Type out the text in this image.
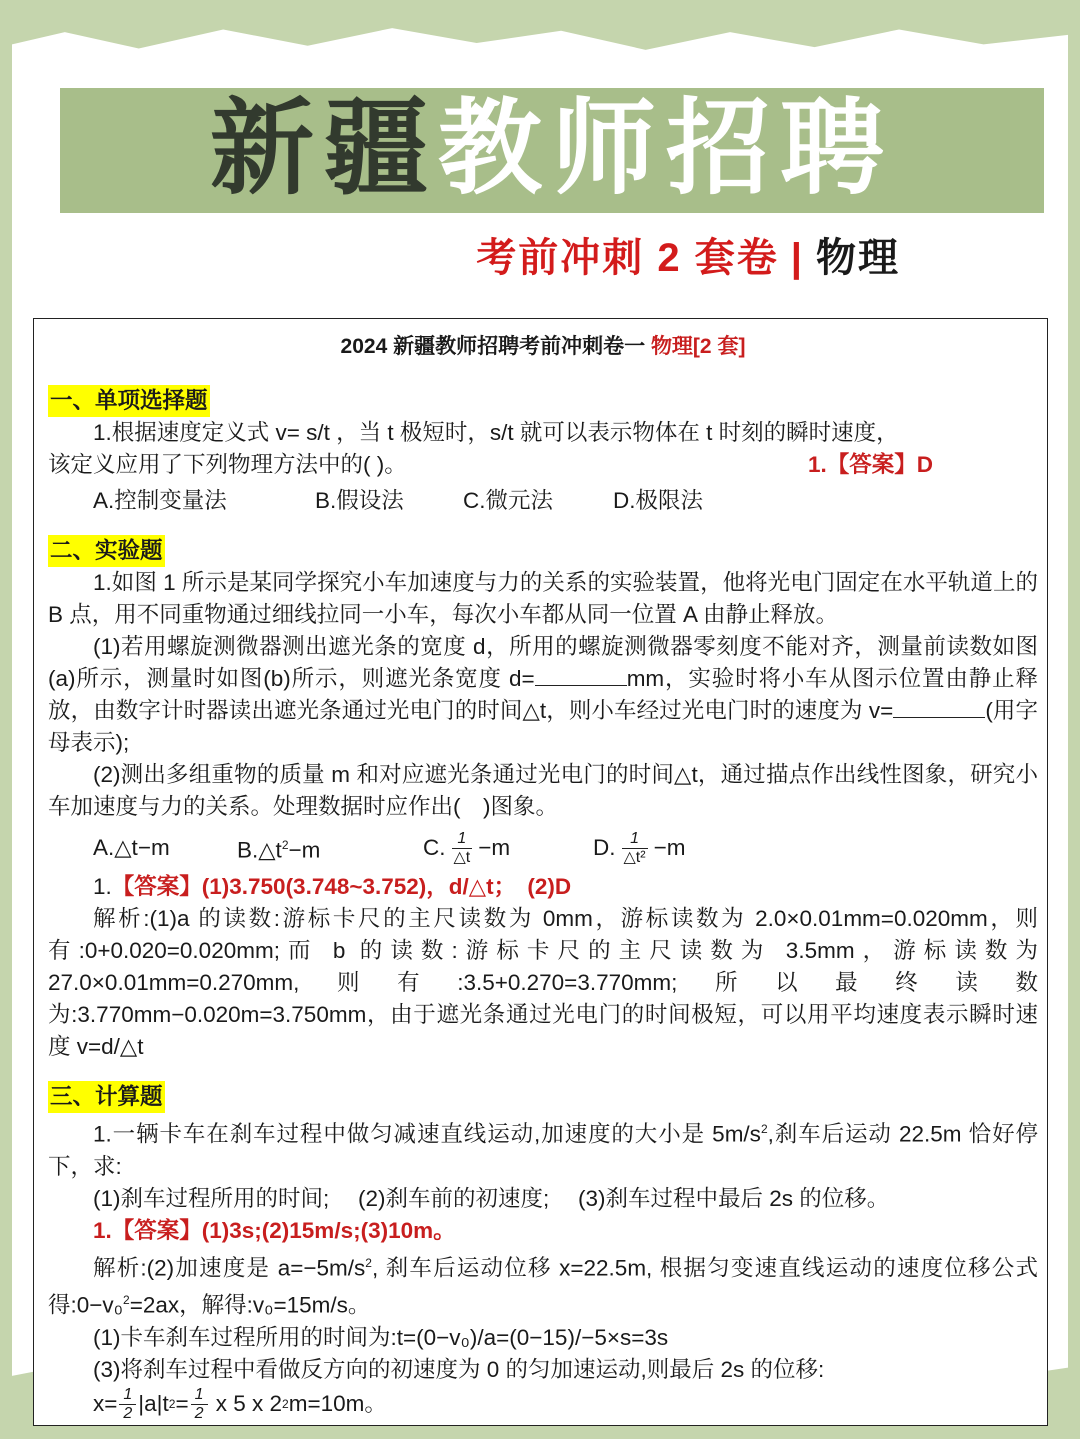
新疆教师招聘
考前冲刺 2 套卷 | 物理
2024 新疆教师招聘考前冲刺卷一 物理[2 套]
一、单项选择题

1.根据速度定义式 v= s/t ，当 t 极短时，s/t 就可以表示物体在 t 时刻的瞬时速度，

该定义应用了下列物理方法中的( )。	1.【答案】D
A.控制变量法	B.假设法	C.微元法	D.极限法
二、实验题

1.如图 1 所示是某同学探究小车加速度与力的关系的实验装置，他将光电门固定在水平轨道上的 B 点，用不同重物通过细线拉同一小车，每次小车都从同一位置 A 由静止释放。

(1)若用螺旋测微器测出遮光条的宽度 d，所用的螺旋测微器零刻度不能对齐，测量前读数如图(a)所示，测量时如图(b)所示，则遮光条宽度 d=	mm，实验时将小车从图示位置由静止释放，由数字计时器读出遮光条通过光电门的时间△t，则小车经过光电门时的速度为 v=	(用字母表示);

(2)测出多组重物的质量 m 和对应遮光条通过光电门的时间△t，通过描点作出线性图象，研究小车加速度与力的关系。处理数据时应作出(　)图象。

A.△t−m	$B.\triangle t^2-m$	C. $\frac{1}{\triangle t} -m$	D. $\frac{1}{\text{△t²}} -m$

1.【答案】(1)3.750(3.748~3.752)，d/△t；　(2)D

解析:(1)a 的读数:游标卡尺的主尺读数为 0mm，游标读数为 2.0×0.01mm=0.020mm，则有:0+0.020=0.020mm;而 b 的读数:游标卡尺的主尺读数为 3.5mm，游标读数为 27.0×0.01mm=0.270mm,则有:3.5+0.270=3.770mm;所以最终读数为:3.770mm−0.020m=3.750mm，由于遮光条通过光电门的时间极短，可以用平均速度表示瞬时速度 v=d/△t

三、计算题

1.一辆卡车在刹车过程中做匀减速直线运动,加速度的大小是 $5m/s^2$,刹车后运动 22.5m 恰好停下，求:

(1)刹车过程所用的时间;　 (2)刹车前的初速度;　 (3)刹车过程中最后 2s 的位移。

1.【答案】(1)3s;(2)15m/s;(3)10m。

解析:(2)加速度是 $a=-5m/s^2$, 刹车后运动位移 x=22.5m, 根据匀变速直线运动的速度位移公式得:0−v₀$^2$=2ax，解得:v₀=15m/s。

(1)卡车刹车过程所用的时间为:t=(0−v₀)/a=(0−15)/−5×s=3s

(3)将刹车过程中看做反方向的初速度为 0 的匀加速运动,则最后 2s 的位移:

$x= \frac{1}{2} |a|t$ $2 = \frac{1}{2}$
x 5 x 2 2 m=10m。
